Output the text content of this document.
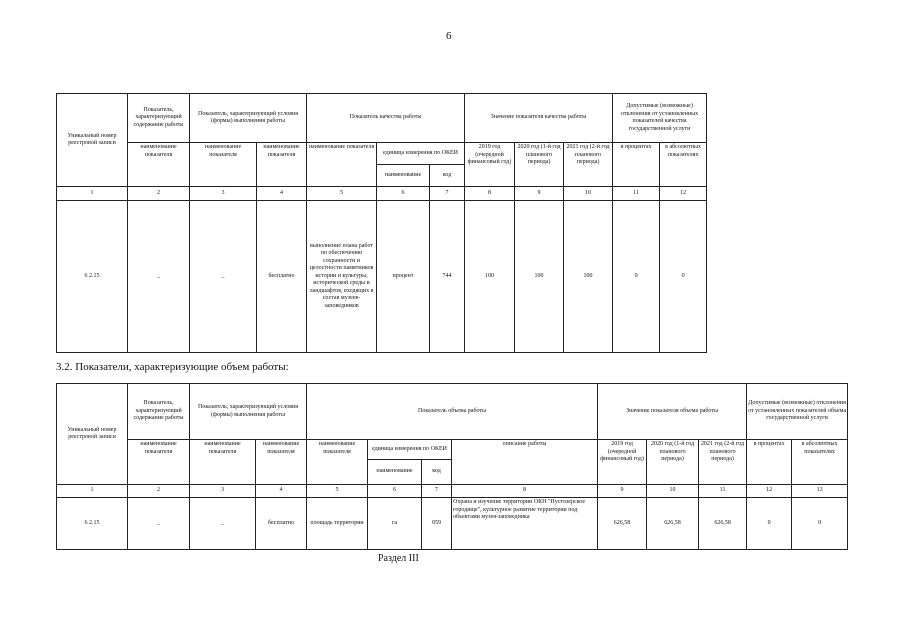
6
Уникальный номер реестровой записи	Показатель, характеризующий содержание работы	Показатель, характеризующий условия (формы) выполнения работы		Показатель качества работы			Значение показателя качества работы			Допустимые (возможные) отклонения от установленных показателей качества государственной услуги	
	наименование показателя	наименование показателя	наименование показателя	наименование показателя	единица измерения по ОКЕИ		2019 год (очередной финансовый год)	2020 год (1-й год планового периода)	2021 год (2-й год планового периода)	в процентах	в абсолютных показателях
					наименование	код					
1	2	3	4	5	6	7	8	9	10	11	12
6 2.15	_	_	бесплатно	выполнение плана работ по обеспечению сохранности и целостности памятников истории и культуры, исторической среды и ландшафтов, входящих в состав музеев-заповедников	процент	744	100	100	100	0	0
3.2. Показатели, характеризующие объем работы:
Уникальный номер реестровой записи	Показатель, характеризующий содержание работы	Показатель, характеризующий условия (формы) выполнения работы		Показатель объема работы				Значение показателя объема работы			Допустимые (возможные) отклонения от установленных показателей объема государственной услуги	
	наименование показателя	наименование показателя	наименование показателя	наименование показателя	единица измерения по ОКЕИ		описание работы	2019 год (очередной финансовый год)	2020 год (1-й год планового периода)	2021 год (2-й год планового периода)	в процентах	в абсолютных показателях
					наименование	код						
1	2	3	4	5	6	7	8	9	10	11	12	13
6 2.15	_	_	бесплатно	площадь территории	га	059	Охрана и изучение территории ОКН "Пустозерское городище", культурное развитие территории под объектами музея-заповедника	626,58	626,58	626,58	0	0
Раздел III
